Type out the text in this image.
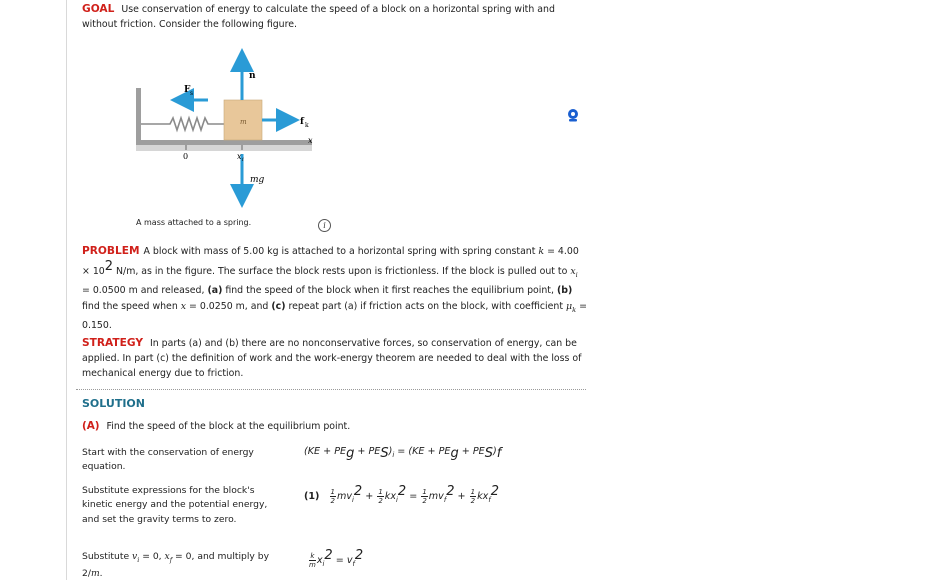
GOAL Use conservation of energy to calculate the speed of a block on a horizontal spring with and without friction. Consider the following figure.
PROBLEM A block with mass of 5.00 kg is attached to a horizontal spring with spring constant $k = 4.00 \times 10^2$ N/m, as in the figure. The surface the block rests upon is frictionless. If the block is pulled out to $x_i = 0.0500$ m and released, (a) find the speed of the block when it first reaches the equilibrium point, (b) find the speed when x = 0.0250 m, and (c) repeat part (a) if friction acts on the block, with coefficient $\mu_k = 0.150$.
STRATEGY In parts (a) and (b) there are no nonconservative forces, so conservation of energy, can be applied. In part (c) the definition of work and the work-energy theorem are needed to deal with the loss of mechanical energy due to friction.
SOLUTION
(A) Find the speed of the block at the equilibrium point.
m
F s
n
f k
mg
x
0	x i
A mass attached to a spring.	i
Start with the conservation of energy equation.
$(KE + PE_g + PE_S)_i = (KE + PE_g + PE_S)_f$
Substitute expressions for the block's kinetic energy and the potential energy, and set the gravity terms to zero.
$(1) \frac{1}{2} mv_i^2 + \frac{1}{2} kx_i^2 = \frac{1}{2} mv_f^2 + \frac{1}{2} kx_f^2$
Substitute $v_i = 0$, $x_f = 0$, and multiply by 2/m.
$\frac{k}{m} x_i^2 = v_f^2$
